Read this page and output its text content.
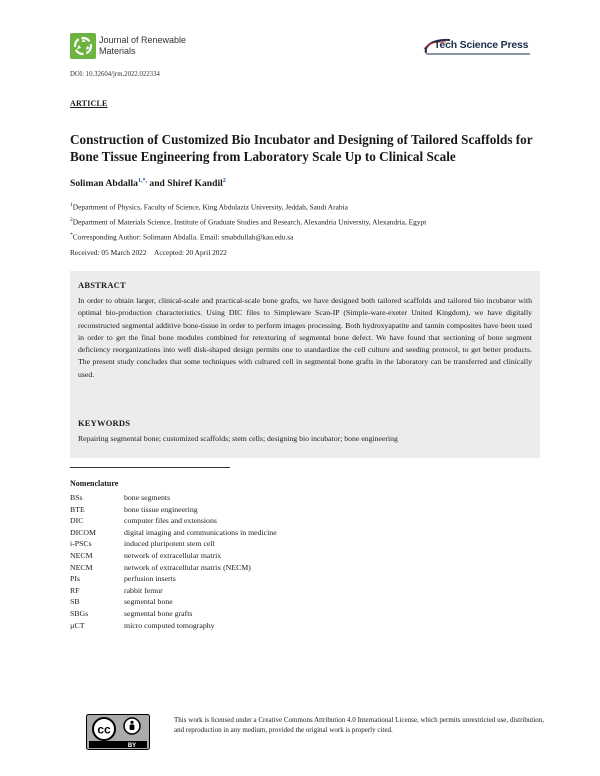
Journal of Renewable
Materials	Tech Science Press
DOI: 10.32604/jrm.2022.022334
ARTICLE
Construction of Customized Bio Incubator and Designing of Tailored Scaffolds for Bone Tissue Engineering from Laboratory Scale Up to Clinical Scale
Soliman Abdalla$^{1,*,}$ and Shiref Kandil$^2$
$^1$Department of Physics, Faculty of Science, King Abdulaziz University, Jeddah, Saudi Arabia
$^2$Department of Materials Science, Institute of Graduate Studies and Research, Alexandria University, Alexandria, Egypt
*Corresponding Author: Solimann Abdalla. Email: smabdullah@kau.edu.sa
Received: 05 March 2022 Accepted: 20 April 2022
ABSTRACT
In order to obtain larger, clinical-scale and practical-scale bone grafts, we have designed both tailored scaffolds and tailored bio incubator with optimal bio-production characteristics. Using DIC files to Simpleware Scan-IP (Simple-ware-exeter United Kingdom), we have digitally reconstructed segmental additive bone-tissue in order to perform images processing. Both hydroxyapatite and tannin composites have been used in order to get the final bone modules combined for retexturing of segmental bone defect. We have found that sectioning of bone segment deficiency reorganizations into well disk-shaped design permits one to standardize the cell culture and seeding protocol, to get better products. The present study concludes that some techniques with cultured cell in segmental bone grafts in the laboratory can be transferred and clinically used.
KEYWORDS
Repairing segmental bone; customized scaffolds; stem cells; designing bio incubator; bone engineering
Nomenclature
BSs	bone segments
BTE	bone tissue engineering
DIC	computer files and extensions
DICOM	digital imaging and communications in medicine
i-PSCs	induced pluripotent stem cell
NECM	network of extracellular matrix
NECM	network of extracellular matrix (NECM)
PIs	perfusion inserts
RF	rabbit femur
SB	segmental bone
SBGs	segmental bone grafts
µCT	micro computed tomography
cc
BY
This work is licensed under a Creative Commons Attribution 4.0 International License, which permits unrestricted use, distribution, and reproduction in any medium, provided the original work is properly cited.
